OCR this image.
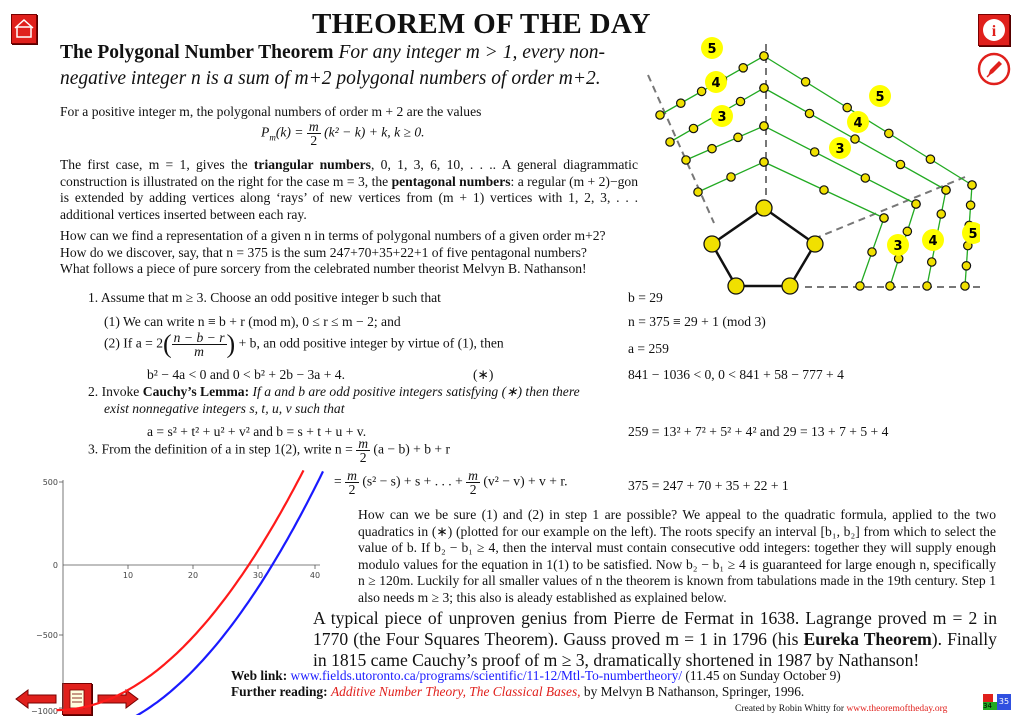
i
THEOREM OF THE DAY
The Polygonal Number Theorem For any integer m > 1, every non-
negative integer n is a sum of m+2 polygonal numbers of order m+2.
For a positive integer m, the polygonal numbers of order m + 2 are the values
$P_m(k) = \frac{m}{2} (k^2 - k) + k$, k ≥ 0.
The first case, m = 1, gives the triangular numbers, 0, 1, 3, 6, 10, . . .. A general diagrammatic construction is illustrated on the right for the case m = 3, the pentagonal numbers: a regular (m + 2)−gon is extended by adding vertices along ‘rays’ of new vertices from (m + 1) vertices with 1, 2, 3, . . . additional vertices inserted between each ray.
How can we find a representation of a given n in terms of polygonal numbers of a given order m+2?
How do we discover, say, that n = 375 is the sum 247+70+35+22+1 of five pentagonal numbers?
What follows a piece of pure sorcery from the celebrated number theorist Melvyn B. Nathanson!
1. Assume that m ≥ 3. Choose an odd positive integer b such that	b = 29
(1) We can write n ≡ b + r (mod m), 0 ≤ r ≤ m − 2; and	n = 375 ≡ 29 + 1 (mod 3)
(2) If $a = 2( \frac{n - b - r}{m}$ ) + b, an odd positive integer by virtue of (1), then	a = 259
b² − 4a < 0 and 0 < b² + 2b − 3a + 4.	(∗)	841 − 1036 < 0, 0 < 841 + 58 − 777 + 4
2. Invoke Cauchy’s Lemma: If a and b are odd positive integers satisfying (∗) then there
exist nonnegative integers s, t, u, v such that
a = s² + t² + u² + v² and b = s + t + u + v.	259 = 13² + 7² + 5² + 4² and 29 = 13 + 7 + 5 + 4
3. From the definition of a in step 1(2), write $n = \frac{m}{2} (a - b) + b + r$
= $\frac{m}{2} (s^2 - s) + s$ + . . . + $\frac{m}{2} (v^2 - v) + v + r$.	375 = 247 + 70 + 35 + 22 + 1
How can we be sure (1) and (2) in step 1 are possible? We appeal to the quadratic formula, applied to the two quadratics in (∗) (plotted for our example on the left). The roots specify an interval [b₁, b₂] from which to select the value of b. If b₂ − b₁ ≥ 4, then the interval must contain consecutive odd integers: together they will supply enough modulo values for the equation in 1(1) to be satisfied. Now b₂ − b₁ ≥ 4 is guaranteed for large enough n, specifically n ≥ 120m. Luckily for all smaller values of n the theorem is known from tabulations made in the 19th century. Step 1 also needs m ≥ 3; this also is aleady established as explained below.
A typical piece of unproven genius from Pierre de Fermat in 1638. Lagrange proved m = 2 in 1770 (the Four Squares Theorem). Gauss proved m = 1 in 1796 (his Eureka Theorem). Finally in 1815 came Cauchy’s proof of m ≥ 3, dramatically shortened in 1987 by Nathanson!
Web link: www.fields.utoronto.ca/programs/scientific/11-12/Mtl-To-numbertheory/ (11.45 on Sunday October 9)
Further reading: Additive Number Theory, The Classical Bases, by Melvyn B Nathanson, Springer, 1996.
Created by Robin Whitty for www.theoremoftheday.org	34 35
500
0
−500
−1000
10	20	30	40
5
4
3
5
4
3
3 4 5
